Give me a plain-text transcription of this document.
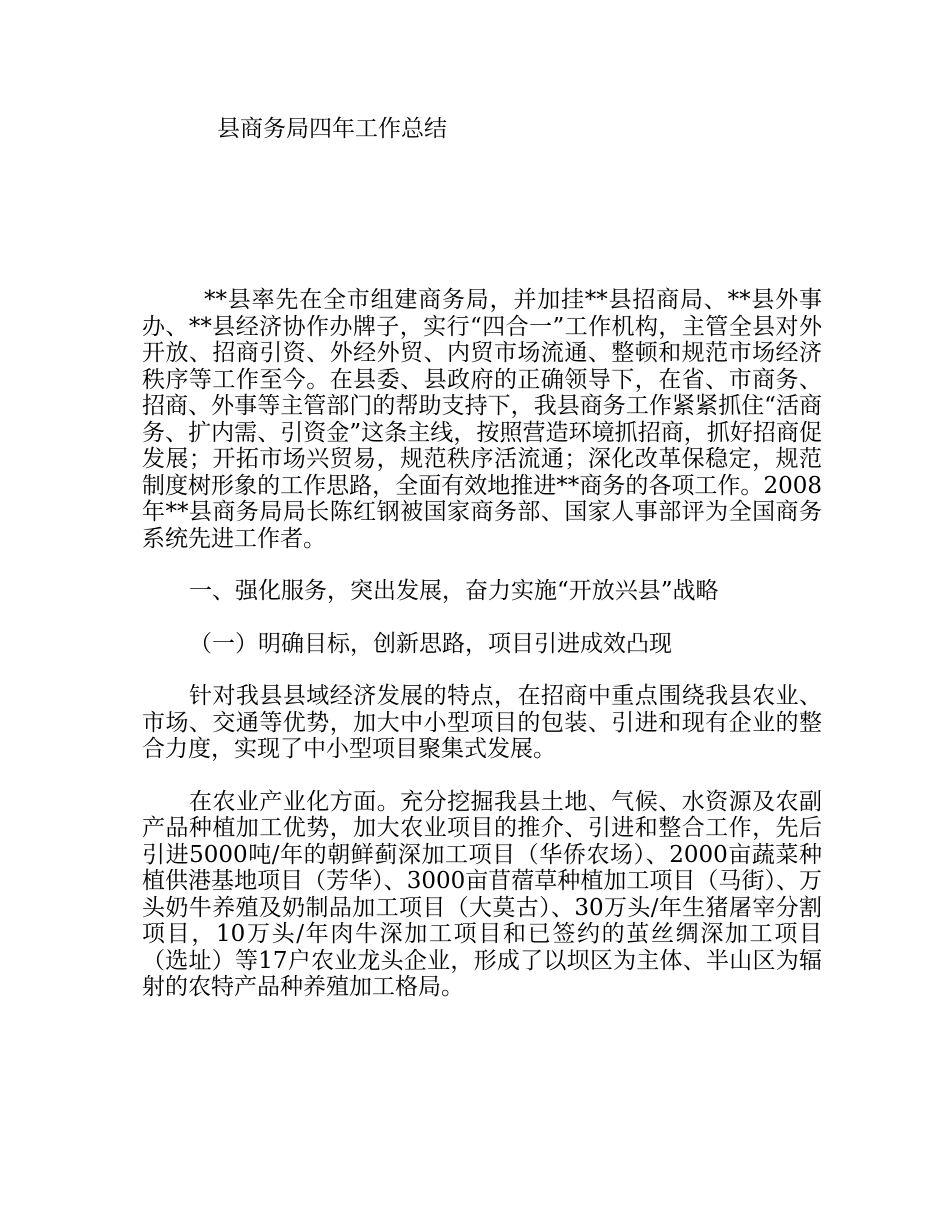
县商务局四年工作总结

**县率先在全市组建商务局，并加挂**县招商局、**县外事办、**县经济协作办牌子，实行“四合一”工作机构，主管全县对外开放、招商引资、外经外贸、内贸市场流通、整顿和规范市场经济秩序等工作至今。在县委、县政府的正确领导下，在省、市商务、招商、外事等主管部门的帮助支持下，我县商务工作紧紧抓住“活商务、扩内需、引资金”这条主线，按照营造环境抓招商，抓好招商促发展；开拓市场兴贸易，规范秩序活流通；深化改革保稳定，规范制度树形象的工作思路，全面有效地推进**商务的各项工作。2008年**县商务局局长陈红钢被国家商务部、国家人事部评为全国商务系统先进工作者。

一、强化服务，突出发展，奋力实施“开放兴县”战略

（一）明确目标，创新思路，项目引进成效凸现

针对我县县域经济发展的特点，在招商中重点围绕我县农业、市场、交通等优势，加大中小型项目的包装、引进和现有企业的整合力度，实现了中小型项目聚集式发展。

在农业产业化方面。充分挖掘我县土地、气候、水资源及农副产品种植加工优势，加大农业项目的推介、引进和整合工作，先后引进5000吨/年的朝鲜蓟深加工项目（华侨农场）、2000亩蔬菜种植供港基地项目（芳华）、3000亩苜蓿草种植加工项目（马街）、万头奶牛养殖及奶制品加工项目（大莫古）、30万头/年生猪屠宰分割项目，10万头/年肉牛深加工项目和已签约的茧丝绸深加工项目（选址）等17户农业龙头企业，形成了以坝区为主体、半山区为辐射的农特产品种养殖加工格局。
